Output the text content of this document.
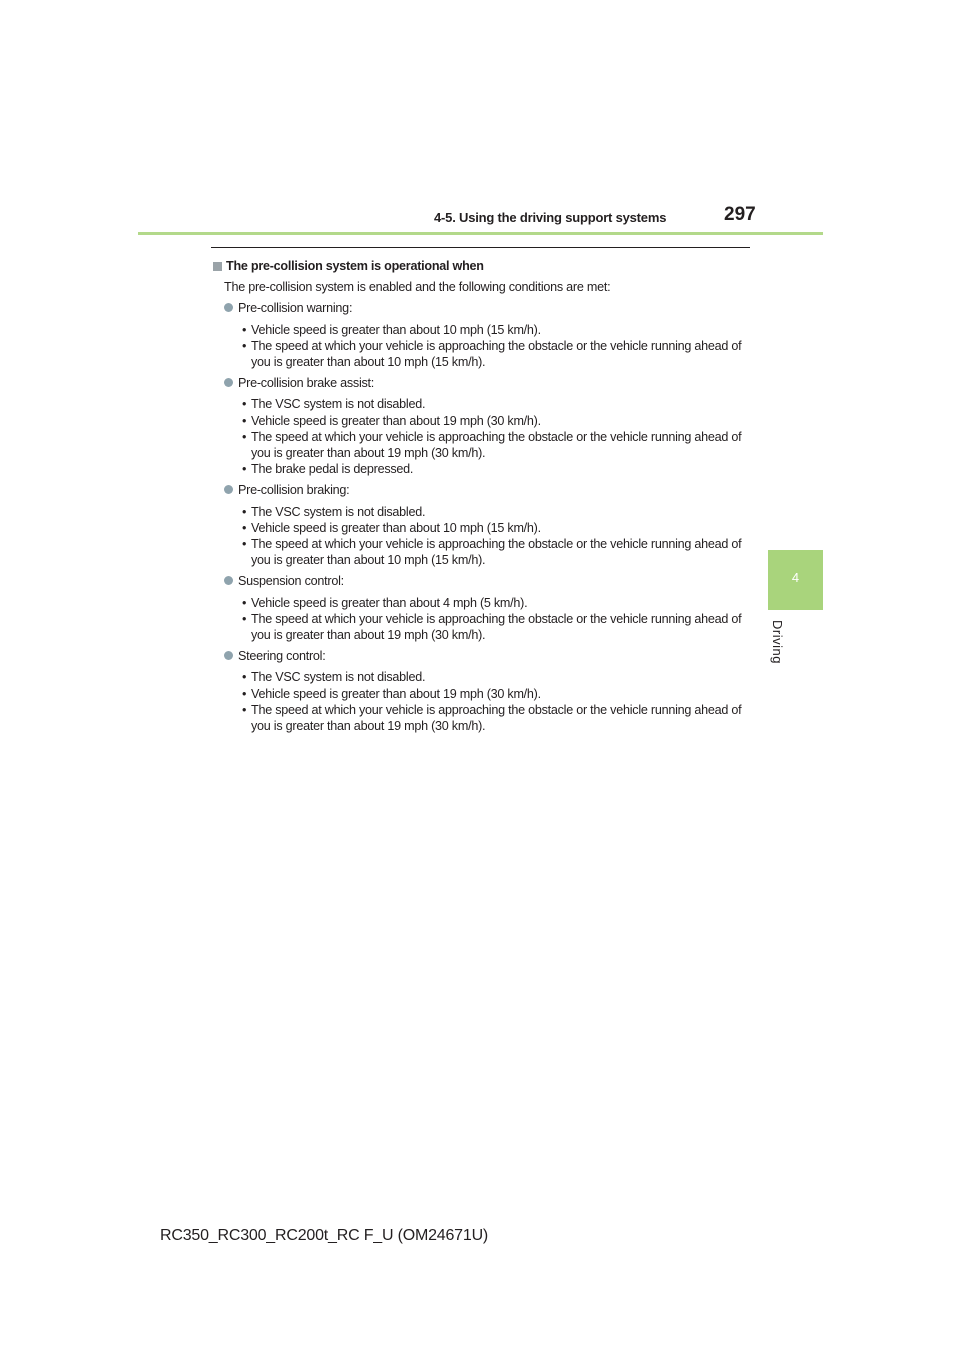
4-5. Using the driving support systems	297
4
Driving
The pre-collision system is operational when
The pre-collision system is enabled and the following conditions are met:
Pre-collision warning:
• Vehicle speed is greater than about 10 mph (15 km/h).
• The speed at which your vehicle is approaching the obstacle or the vehicle running ahead of you is greater than about 10 mph (15 km/h).
Pre-collision brake assist:
• The VSC system is not disabled.
• Vehicle speed is greater than about 19 mph (30 km/h).
• The speed at which your vehicle is approaching the obstacle or the vehicle running ahead of you is greater than about 19 mph (30 km/h).
• The brake pedal is depressed.
Pre-collision braking:
• The VSC system is not disabled.
• Vehicle speed is greater than about 10 mph (15 km/h).
• The speed at which your vehicle is approaching the obstacle or the vehicle running ahead of you is greater than about 10 mph (15 km/h).
Suspension control:
• Vehicle speed is greater than about 4 mph (5 km/h).
• The speed at which your vehicle is approaching the obstacle or the vehicle running ahead of you is greater than about 19 mph (30 km/h).
Steering control:
• The VSC system is not disabled.
• Vehicle speed is greater than about 19 mph (30 km/h).
• The speed at which your vehicle is approaching the obstacle or the vehicle running ahead of you is greater than about 19 mph (30 km/h).
RC350_RC300_RC200t_RC F_U (OM24671U)
